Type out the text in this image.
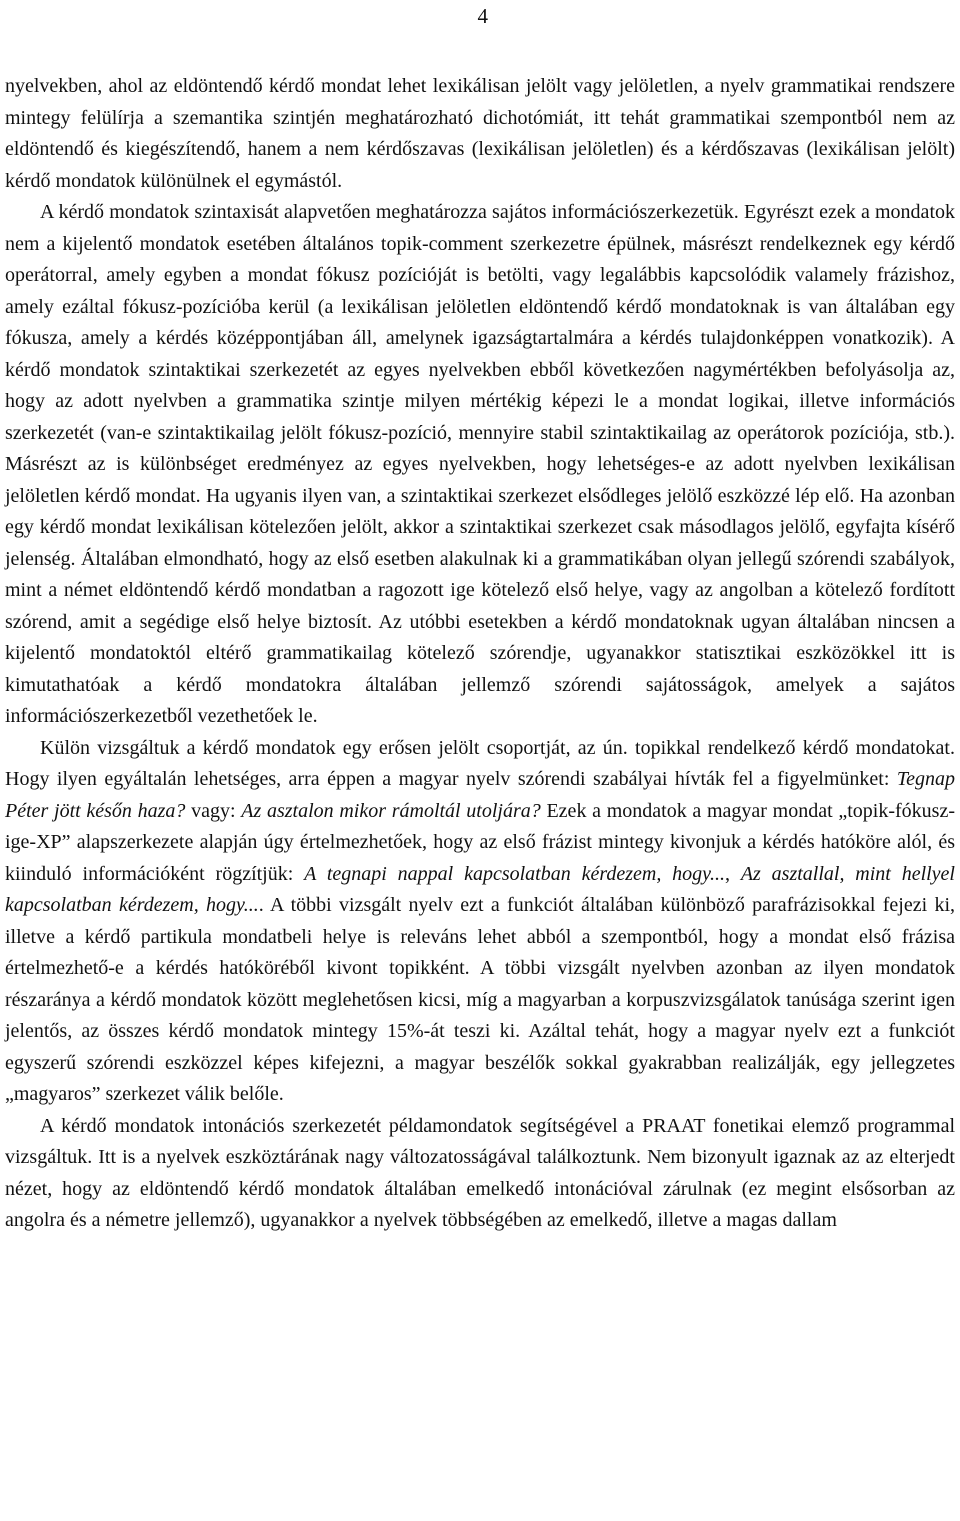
4

nyelvekben, ahol az eldöntendő kérdő mondat lehet lexikálisan jelölt vagy jelöletlen, a nyelv grammatikai rendszere mintegy felülírja a szemantika szintjén meghatározható dichotómiát, itt tehát grammatikai szempontból nem az eldöntendő és kiegészítendő, hanem a nem kérdőszavas (lexikálisan jelöletlen) és a kérdőszavas (lexikálisan jelölt) kérdő mondatok különülnek el egymástól.

A kérdő mondatok szintaxisát alapvetően meghatározza sajátos információszerkezetük. Egyrészt ezek a mondatok nem a kijelentő mondatok esetében általános topik-comment szerkezetre épülnek, másrészt rendelkeznek egy kérdő operátorral, amely egyben a mondat fókusz pozícióját is betölti, vagy legalábbis kapcsolódik valamely frázishoz, amely ezáltal fókusz-pozícióba kerül (a lexikálisan jelöletlen eldöntendő kérdő mondatoknak is van általában egy fókusza, amely a kérdés középpontjában áll, amelynek igazságtartalmára a kérdés tulajdonképpen vonatkozik). A kérdő mondatok szintaktikai szerkezetét az egyes nyelvekben ebből következően nagymértékben befolyásolja az, hogy az adott nyelvben a grammatika szintje milyen mértékig képezi le a mondat logikai, illetve információs szerkezetét (van-e szintaktikailag jelölt fókusz-pozíció, mennyire stabil szintaktikailag az operátorok pozíciója, stb.). Másrészt az is különbséget eredményez az egyes nyelvekben, hogy lehetséges-e az adott nyelvben lexikálisan jelöletlen kérdő mondat. Ha ugyanis ilyen van, a szintaktikai szerkezet elsődleges jelölő eszközzé lép elő. Ha azonban egy kérdő mondat lexikálisan kötelezően jelölt, akkor a szintaktikai szerkezet csak másodlagos jelölő, egyfajta kísérő jelenség. Általában elmondható, hogy az első esetben alakulnak ki a grammatikában olyan jellegű szórendi szabályok, mint a német eldöntendő kérdő mondatban a ragozott ige kötelező első helye, vagy az angolban a kötelező fordított szórend, amit a segédige első helye biztosít. Az utóbbi esetekben a kérdő mondatoknak ugyan általában nincsen a kijelentő mondatoktól eltérő grammatikailag kötelező szórendje, ugyanakkor statisztikai eszközökkel itt is kimutathatóak a kérdő mondatokra általában jellemző szórendi sajátosságok, amelyek a sajátos információszerkezetből vezethetőek le.

Külön vizsgáltuk a kérdő mondatok egy erősen jelölt csoportját, az ún. topikkal rendelkező kérdő mondatokat. Hogy ilyen egyáltalán lehetséges, arra éppen a magyar nyelv szórendi szabályai hívták fel a figyelmünket: Tegnap Péter jött későn haza? vagy: Az asztalon mikor rámoltál utoljára? Ezek a mondatok a magyar mondat „topik-fókusz-ige-XP” alapszerkezete alapján úgy értelmezhetőek, hogy az első frázist mintegy kivonjuk a kérdés hatóköre alól, és kiinduló információként rögzítjük: A tegnapi nappal kapcsolatban kérdezem, hogy..., Az asztallal, mint hellyel kapcsolatban kérdezem, hogy.... A többi vizsgált nyelv ezt a funkciót általában különböző parafrázisokkal fejezi ki, illetve a kérdő partikula mondatbeli helye is releváns lehet abból a szempontból, hogy a mondat első frázisa értelmezhető-e a kérdés hatóköréből kivont topikként. A többi vizsgált nyelvben azonban az ilyen mondatok részaránya a kérdő mondatok között meglehetősen kicsi, míg a magyarban a korpuszvizsgálatok tanúsága szerint igen jelentős, az összes kérdő mondatok mintegy 15%-át teszi ki. Azáltal tehát, hogy a magyar nyelv ezt a funkciót egyszerű szórendi eszközzel képes kifejezni, a magyar beszélők sokkal gyakrabban realizálják, egy jellegzetes „magyaros” szerkezet válik belőle.

A kérdő mondatok intonációs szerkezetét példamondatok segítségével a PRAAT fonetikai elemző programmal vizsgáltuk. Itt is a nyelvek eszköztárának nagy változatosságával találkoztunk. Nem bizonyult igaznak az az elterjedt nézet, hogy az eldöntendő kérdő mondatok általában emelkedő intonációval zárulnak (ez megint elsősorban az angolra és a németre jellemző), ugyanakkor a nyelvek többségében az emelkedő, illetve a magas dallam
